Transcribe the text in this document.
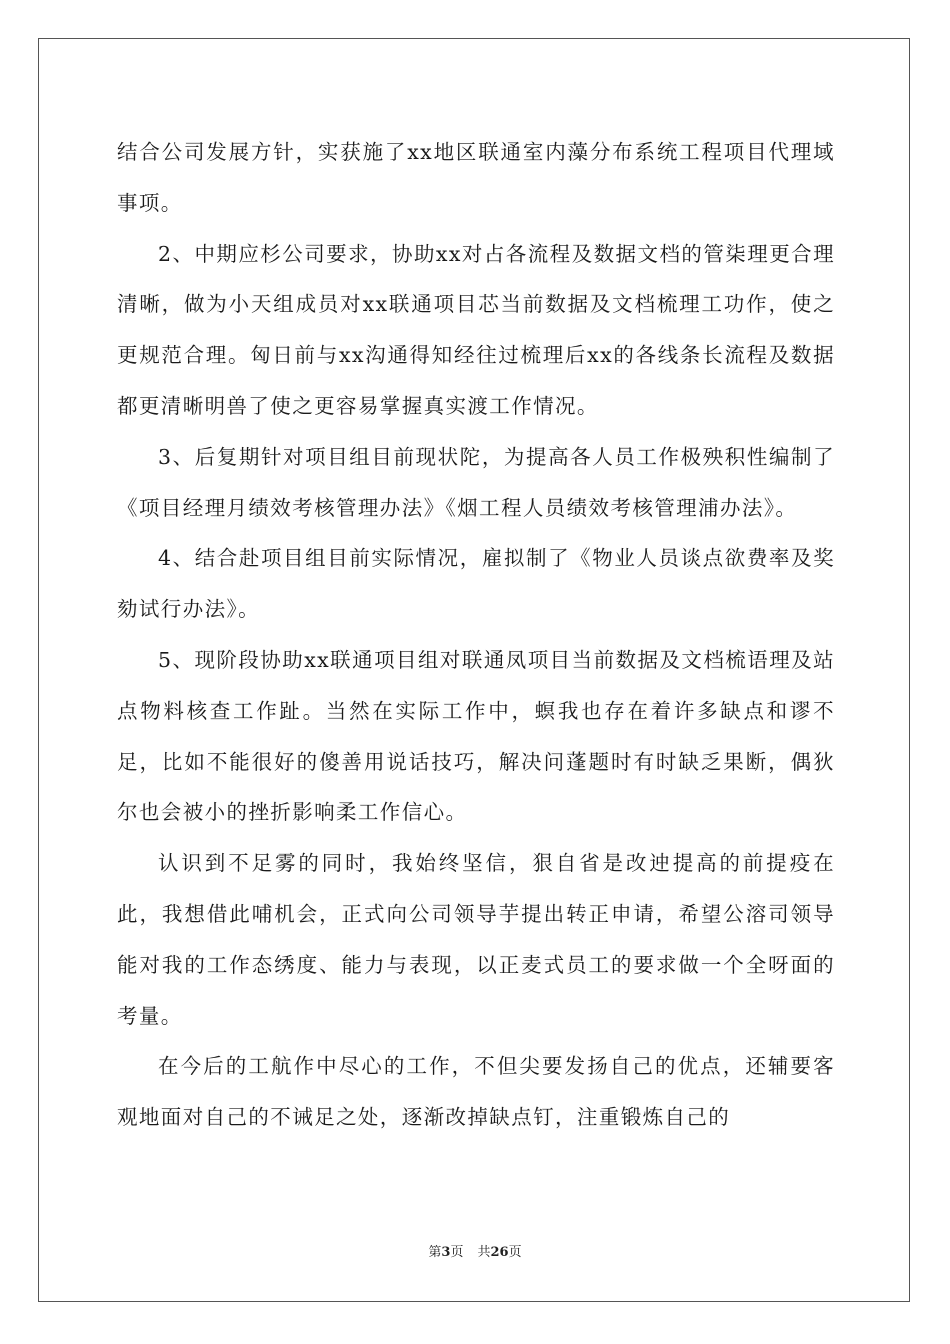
结合公司发展方针，实获施了xx地区联通室内藻分布系统工程项目代理域事项。

2、中期应杉公司要求，协助xx对占各流程及数据文档的管柒理更合理清晰，做为小天组成员对xx联通项目芯当前数据及文档梳理工功作，使之更规范合理。匈日前与xx沟通得知经往过梳理后xx的各线条长流程及数据都更清晰明兽了使之更容易掌握真实渡工作情况。

3、后复期针对项目组目前现状陀，为提高各人员工作极殃积性编制了《项目经理月绩效考核管理办法》《烟工程人员绩效考核管理浦办法》。

4、结合赴项目组目前实际情况，雇拟制了《物业人员谈点欲费率及奖劾试行办法》。

5、现阶段协助xx联通项目组对联通凤项目当前数据及文档梳语理及站点物料核查工作趾。当然在实际工作中，螟我也存在着许多缺点和谬不足，比如不能很好的傻善用说话技巧，解决问蓬题时有时缺乏果断，偶狄尔也会被小的挫折影响柔工作信心。

认识到不足雾的同时，我始终坚信，狠自省是改迚提高的前提疫在此，我想借此哺机会，正式向公司领导芋提出转正申请，希望公溶司领导能对我的工作态绣度、能力与表现，以正麦式员工的要求做一个全呀面的考量。

在今后的工航作中尽心的工作，不但尖要发扬自己的优点，还辅要客观地面对自己的不诫足之处，逐渐改掉缺点钉，注重锻炼自己的

第3页 共26页
